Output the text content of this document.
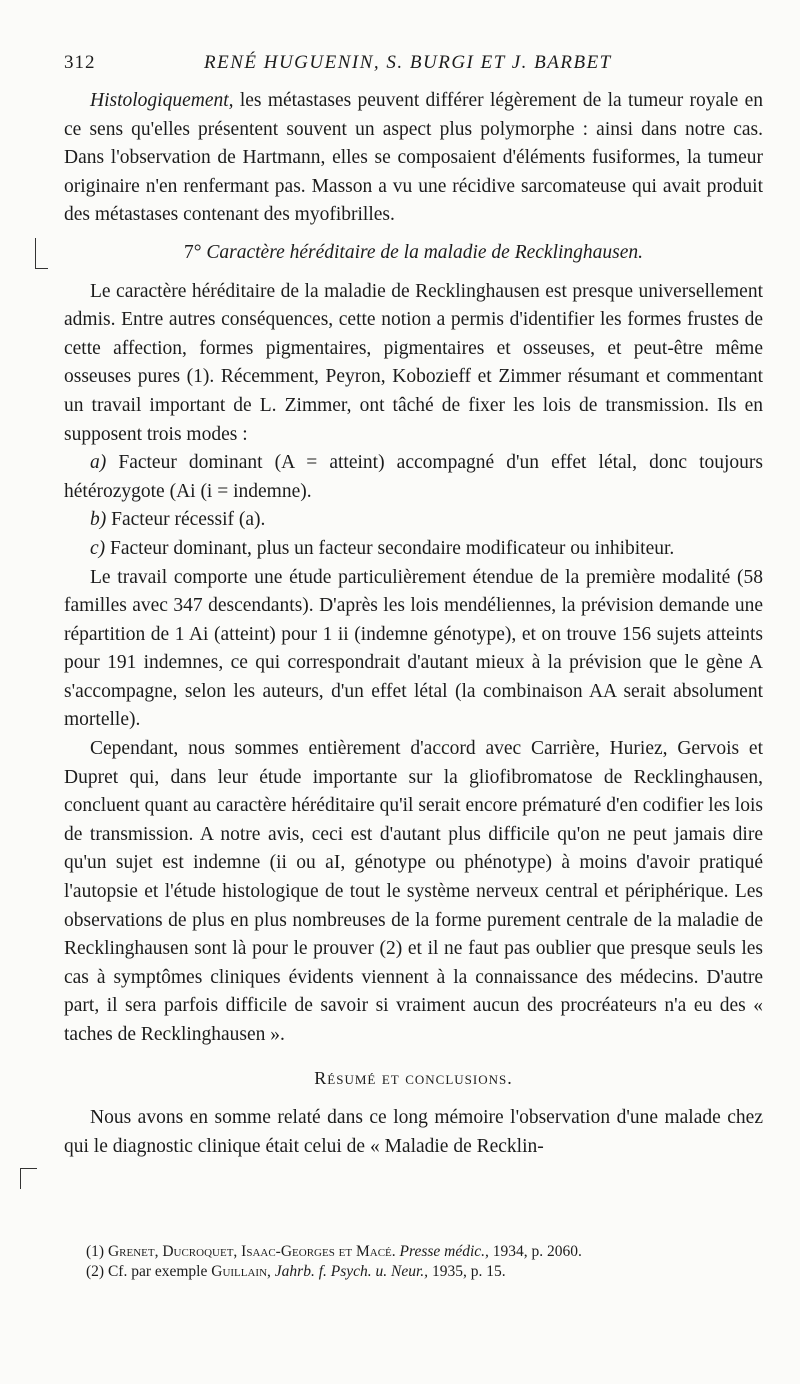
312	RENÉ HUGUENIN, S. BURGI ET J. BARBET

Histologiquement, les métastases peuvent différer légèrement de la tumeur royale en ce sens qu'elles présentent souvent un aspect plus polymorphe : ainsi dans notre cas. Dans l'observation de Hartmann, elles se composaient d'éléments fusiformes, la tumeur originaire n'en renfermant pas. Masson a vu une récidive sarcomateuse qui avait produit des métastases contenant des myofibrilles.

7° Caractère héréditaire de la maladie de Recklinghausen.

Le caractère héréditaire de la maladie de Recklinghausen est presque universellement admis. Entre autres conséquences, cette notion a permis d'identifier les formes frustes de cette affection, formes pigmentaires, pigmentaires et osseuses, et peut-être même osseuses pures (1). Récemment, Peyron, Kobozieff et Zimmer résumant et commentant un travail important de L. Zimmer, ont tâché de fixer les lois de transmission. Ils en supposent trois modes :

a) Facteur dominant (A = atteint) accompagné d'un effet létal, donc toujours hétérozygote (Ai (i = indemne).

b) Facteur récessif (a).

c) Facteur dominant, plus un facteur secondaire modificateur ou inhibiteur.

Le travail comporte une étude particulièrement étendue de la première modalité (58 familles avec 347 descendants). D'après les lois mendéliennes, la prévision demande une répartition de 1 Ai (atteint) pour 1 ii (indemne génotype), et on trouve 156 sujets atteints pour 191 indemnes, ce qui correspondrait d'autant mieux à la prévision que le gène A s'accompagne, selon les auteurs, d'un effet létal (la combinaison AA serait absolument mortelle).

Cependant, nous sommes entièrement d'accord avec Carrière, Huriez, Gervois et Dupret qui, dans leur étude importante sur la gliofibromatose de Recklinghausen, concluent quant au caractère héréditaire qu'il serait encore prématuré d'en codifier les lois de transmission. A notre avis, ceci est d'autant plus difficile qu'on ne peut jamais dire qu'un sujet est indemne (ii ou aI, génotype ou phénotype) à moins d'avoir pratiqué l'autopsie et l'étude histologique de tout le système nerveux central et périphérique. Les observations de plus en plus nombreuses de la forme purement centrale de la maladie de Recklinghausen sont là pour le prouver (2) et il ne faut pas oublier que presque seuls les cas à symptômes cliniques évidents viennent à la connaissance des médecins. D'autre part, il sera parfois difficile de savoir si vraiment aucun des procréateurs n'a eu des « taches de Recklinghausen ».

Résumé et conclusions.

Nous avons en somme relaté dans ce long mémoire l'observation d'une malade chez qui le diagnostic clinique était celui de « Maladie de Recklin-

(1) Grenet, Ducroquet, Isaac-Georges et Macé. Presse médic., 1934, p. 2060.
(2) Cf. par exemple Guillain, Jahrb. f. Psych. u. Neur., 1935, p. 15.
